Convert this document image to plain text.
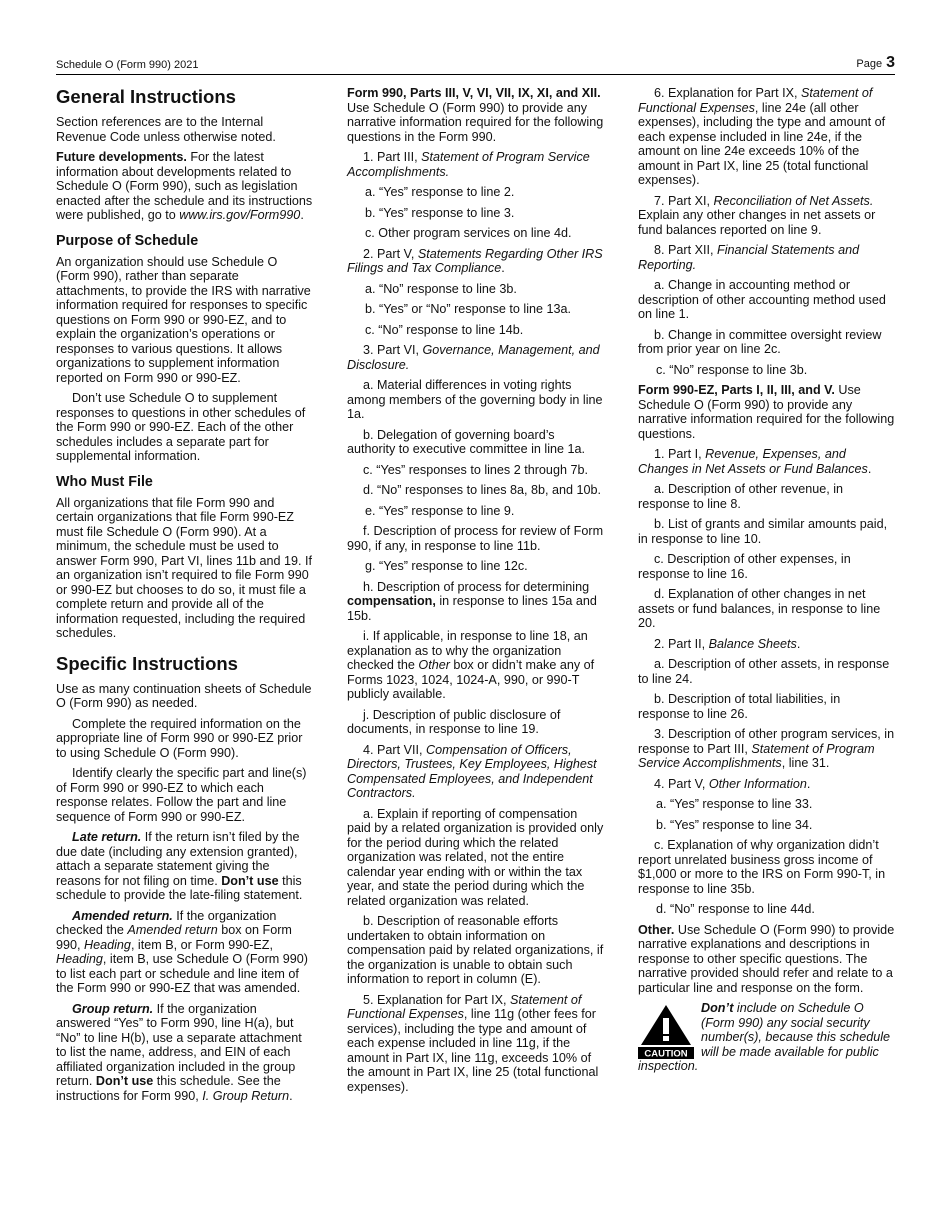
Schedule O (Form 990) 2021	Page 3
General Instructions

Section references are to the Internal Revenue Code unless otherwise noted.

Future developments. For the latest information about developments related to Schedule O (Form 990), such as legislation enacted after the schedule and its instructions were published, go to www.irs.gov/Form990.

Purpose of Schedule

An organization should use Schedule O (Form 990), rather than separate attachments, to provide the IRS with narrative information required for responses to specific questions on Form 990 or 990-EZ, and to explain the organization’s operations or responses to various questions. It allows organizations to supplement information reported on Form 990 or 990-EZ.

Don’t use Schedule O to supplement responses to questions in other schedules of the Form 990 or 990-EZ. Each of the other schedules includes a separate part for supplemental information.

Who Must File

All organizations that file Form 990 and certain organizations that file Form 990-EZ must file Schedule O (Form 990). At a minimum, the schedule must be used to answer Form 990, Part VI, lines 11b and 19. If an organization isn’t required to file Form 990 or 990-EZ but chooses to do so, it must file a complete return and provide all of the information requested, including the required schedules.

Specific Instructions

Use as many continuation sheets of Schedule O (Form 990) as needed.

Complete the required information on the appropriate line of Form 990 or 990-EZ prior to using Schedule O (Form 990).

Identify clearly the specific part and line(s) of Form 990 or 990-EZ to which each response relates. Follow the part and line sequence of Form 990 or 990-EZ.

Late return. If the return isn’t filed by the due date (including any extension granted), attach a separate statement giving the reasons for not filing on time. Don’t use this schedule to provide the late-filing statement.

Amended return. If the organization checked the Amended return box on Form 990, Heading, item B, or Form 990-EZ, Heading, item B, use Schedule O (Form 990) to list each part or schedule and line item of the Form 990 or 990-EZ that was amended.

Group return. If the organization answered “Yes” to Form 990, line H(a), but “No” to line H(b), use a separate attachment to list the name, address, and EIN of each affiliated organization included in the group return. Don’t use this schedule. See the instructions for Form 990, I. Group Return.

Form 990, Parts III, V, VI, VII, IX, XI, and XII. Use Schedule O (Form 990) to provide any narrative information required for the following questions in the Form 990.

1. Part III, Statement of Program Service Accomplishments.

a. “Yes” response to line 2.

b. “Yes” response to line 3.

c. Other program services on line 4d.

2. Part V, Statements Regarding Other IRS Filings and Tax Compliance.

a. “No” response to line 3b.

b. “Yes” or “No” response to line 13a.

c. “No” response to line 14b.

3. Part VI, Governance, Management, and Disclosure.

a. Material differences in voting rights among members of the governing body in line 1a.

b. Delegation of governing board’s authority to executive committee in line 1a.

c. “Yes” responses to lines 2 through 7b.

d. “No” responses to lines 8a, 8b, and 10b.

e. “Yes” response to line 9.

f. Description of process for review of Form 990, if any, in response to line 11b.

g. “Yes” response to line 12c.

h. Description of process for determining compensation, in response to lines 15a and 15b.

i. If applicable, in response to line 18, an explanation as to why the organization checked the Other box or didn’t make any of Forms 1023, 1024, 1024-A, 990, or 990-T publicly available.

j. Description of public disclosure of documents, in response to line 19.

4. Part VII, Compensation of Officers, Directors, Trustees, Key Employees, Highest Compensated Employees, and Independent Contractors.

a. Explain if reporting of compensation paid by a related organization is provided only for the period during which the related organization was related, not the entire calendar year ending with or within the tax year, and state the period during which the related organization was related.

b. Description of reasonable efforts undertaken to obtain information on compensation paid by related organizations, if the organization is unable to obtain such information to report in column (E).

5. Explanation for Part IX, Statement of Functional Expenses, line 11g (other fees for services), including the type and amount of each expense included in line 11g, if the amount in Part IX, line 11g, exceeds 10% of the amount in Part IX, line 25 (total functional expenses).

6. Explanation for Part IX, Statement of Functional Expenses, line 24e (all other expenses), including the type and amount of each expense included in line 24e, if the amount on line 24e exceeds 10% of the amount in Part IX, line 25 (total functional expenses).

7. Part XI, Reconciliation of Net Assets. Explain any other changes in net assets or fund balances reported on line 9.

8. Part XII, Financial Statements and Reporting.

a. Change in accounting method or description of other accounting method used on line 1.

b. Change in committee oversight review from prior year on line 2c.

c. “No” response to line 3b.

Form 990-EZ, Parts I, II, III, and V. Use Schedule O (Form 990) to provide any narrative information required for the following questions.

1. Part I, Revenue, Expenses, and Changes in Net Assets or Fund Balances.

a. Description of other revenue, in response to line 8.

b. List of grants and similar amounts paid, in response to line 10.

c. Description of other expenses, in response to line 16.

d. Explanation of other changes in net assets or fund balances, in response to line 20.

2. Part II, Balance Sheets.

a. Description of other assets, in response to line 24.

b. Description of total liabilities, in response to line 26.

3. Description of other program services, in response to Part III, Statement of Program Service Accomplishments, line 31.

4. Part V, Other Information.

a. “Yes” response to line 33.

b. “Yes” response to line 34.

c. Explanation of why organization didn’t report unrelated business gross income of $1,000 or more to the IRS on Form 990-T, in response to line 35b.

d. “No” response to line 44d.

Other. Use Schedule O (Form 990) to provide narrative explanations and descriptions in response to other specific questions. The narrative provided should refer and relate to a particular line and response on the form.

CAUTION

Don’t include on Schedule O (Form 990) any social security number(s), because this schedule will be made available for public inspection.
